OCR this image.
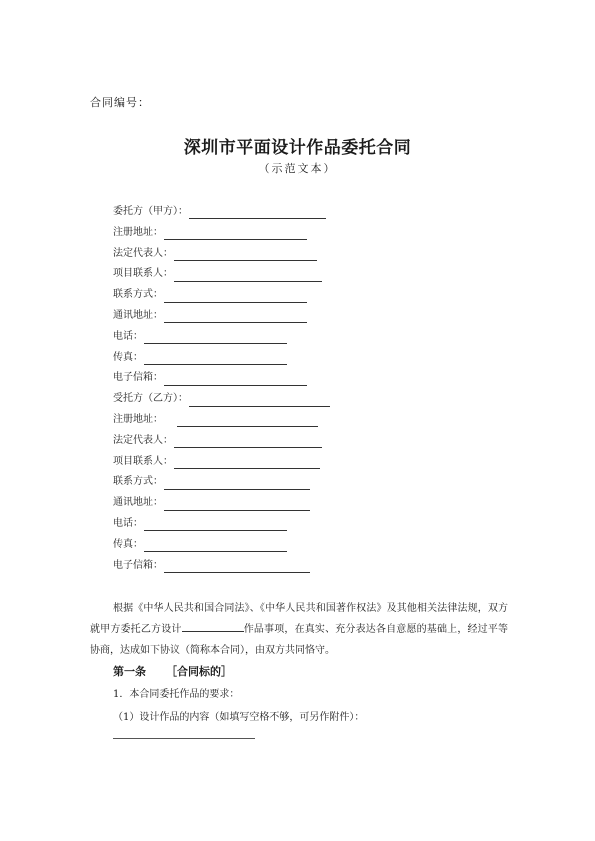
合同编号：
深圳市平面设计作品委托合同
（示范文本）
委托方（甲方）：
注册地址：
法定代表人：
项目联系人：
联系方式：
通讯地址：
电话：
传真：
电子信箱：
受托方（乙方）：
注册地址：
法定代表人：
项目联系人：
联系方式：
通讯地址：
电话：
传真：
电子信箱：
根据《中华人民共和国合同法》、《中华人民共和国著作权法》及其他相关法律法规，双方就甲方委托乙方设计	作品事项，在真实、充分表达各自意愿的基础上，经过平等协商，达成如下协议（简称本合同），由双方共同恪守。
第一条 ［合同标的］
1．本合同委托作品的要求：
（1）设计作品的内容（如填写空格不够，可另作附件）：
